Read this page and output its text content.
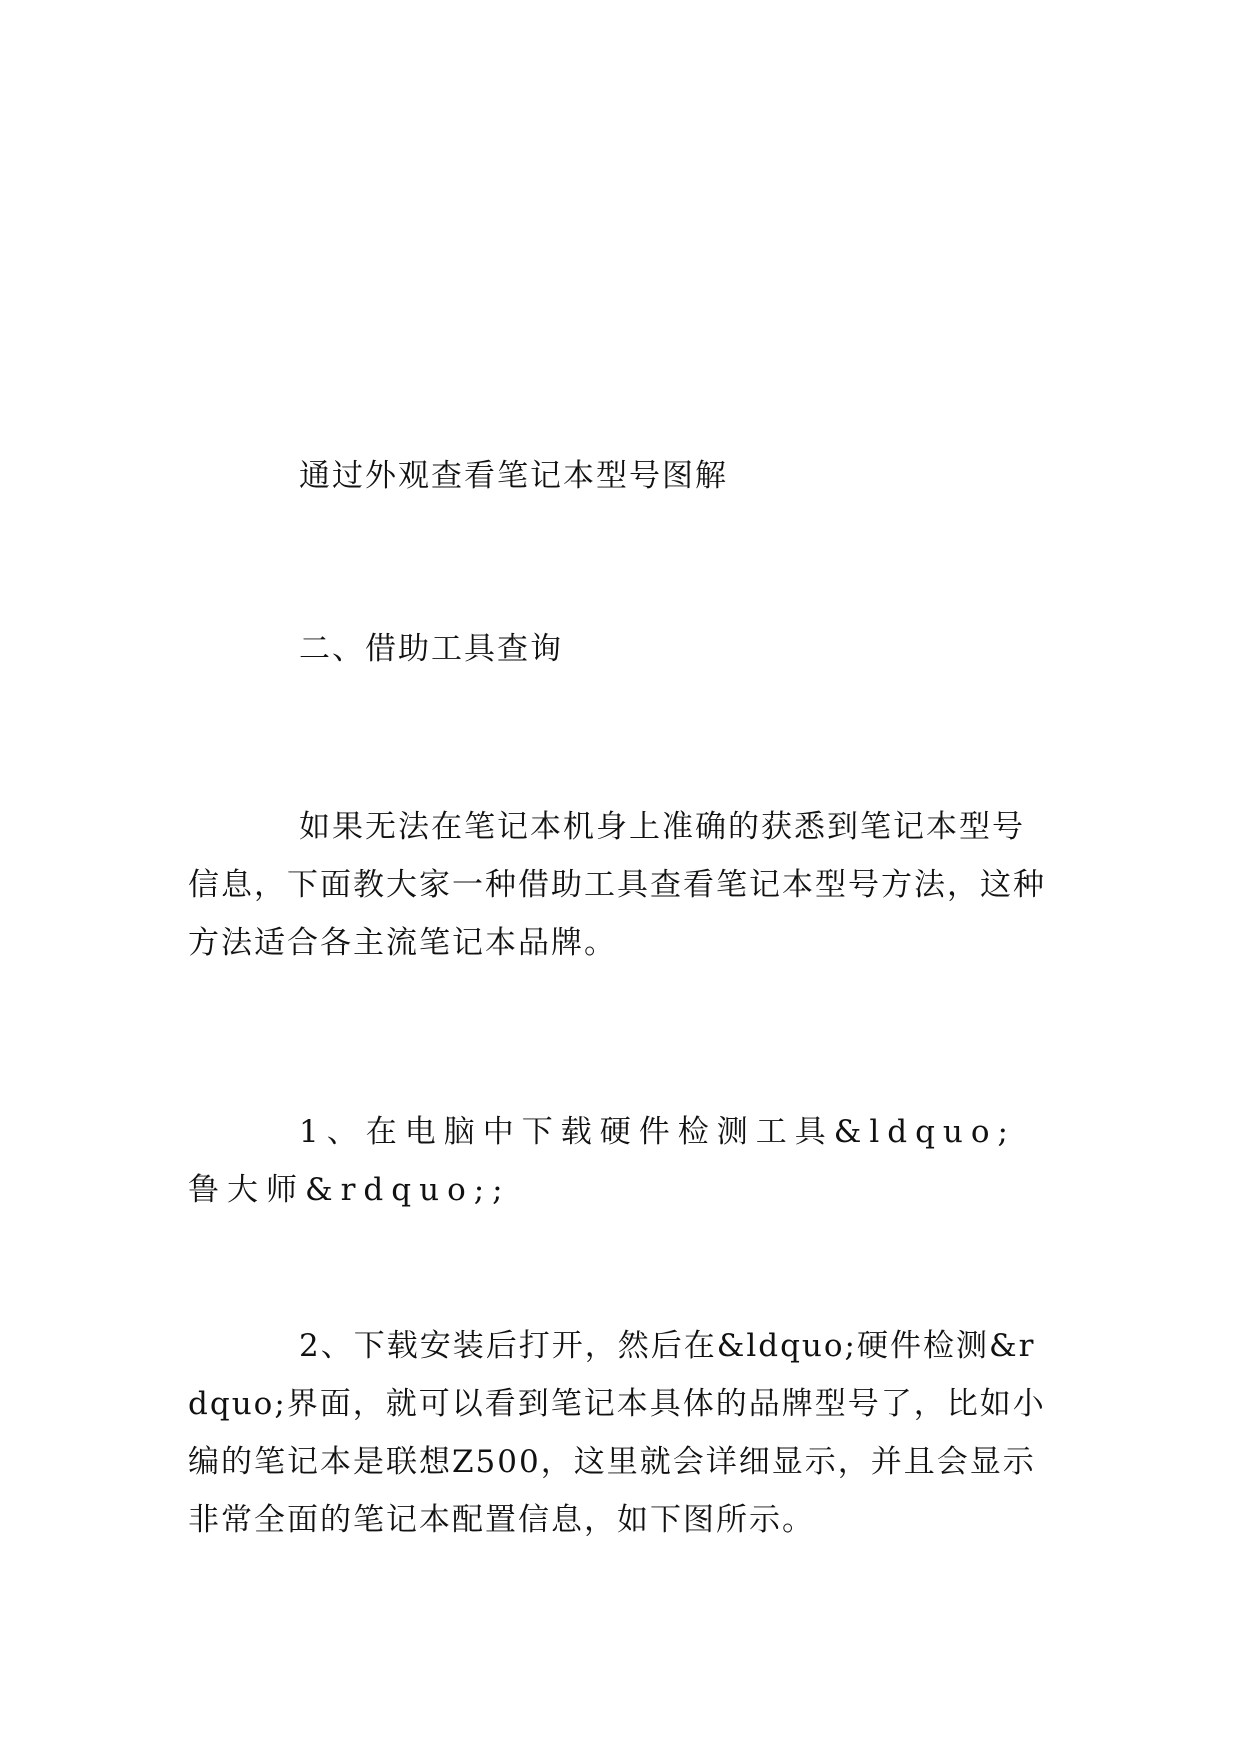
通过外观查看笔记本型号图解
二、借助工具查询
如果无法在笔记本机身上准确的获悉到笔记本型号信息，下面教大家一种借助工具查看笔记本型号方法，这种方法适合各主流笔记本品牌。
1、在电脑中下载硬件检测工具&ldquo;鲁大师&rdquo;;
2、下载安装后打开，然后在&ldquo;硬件检测&rdquo;界面，就可以看到笔记本具体的品牌型号了，比如小编的笔记本是联想Z500，这里就会详细显示，并且会显示非常全面的笔记本配置信息，如下图所示。
